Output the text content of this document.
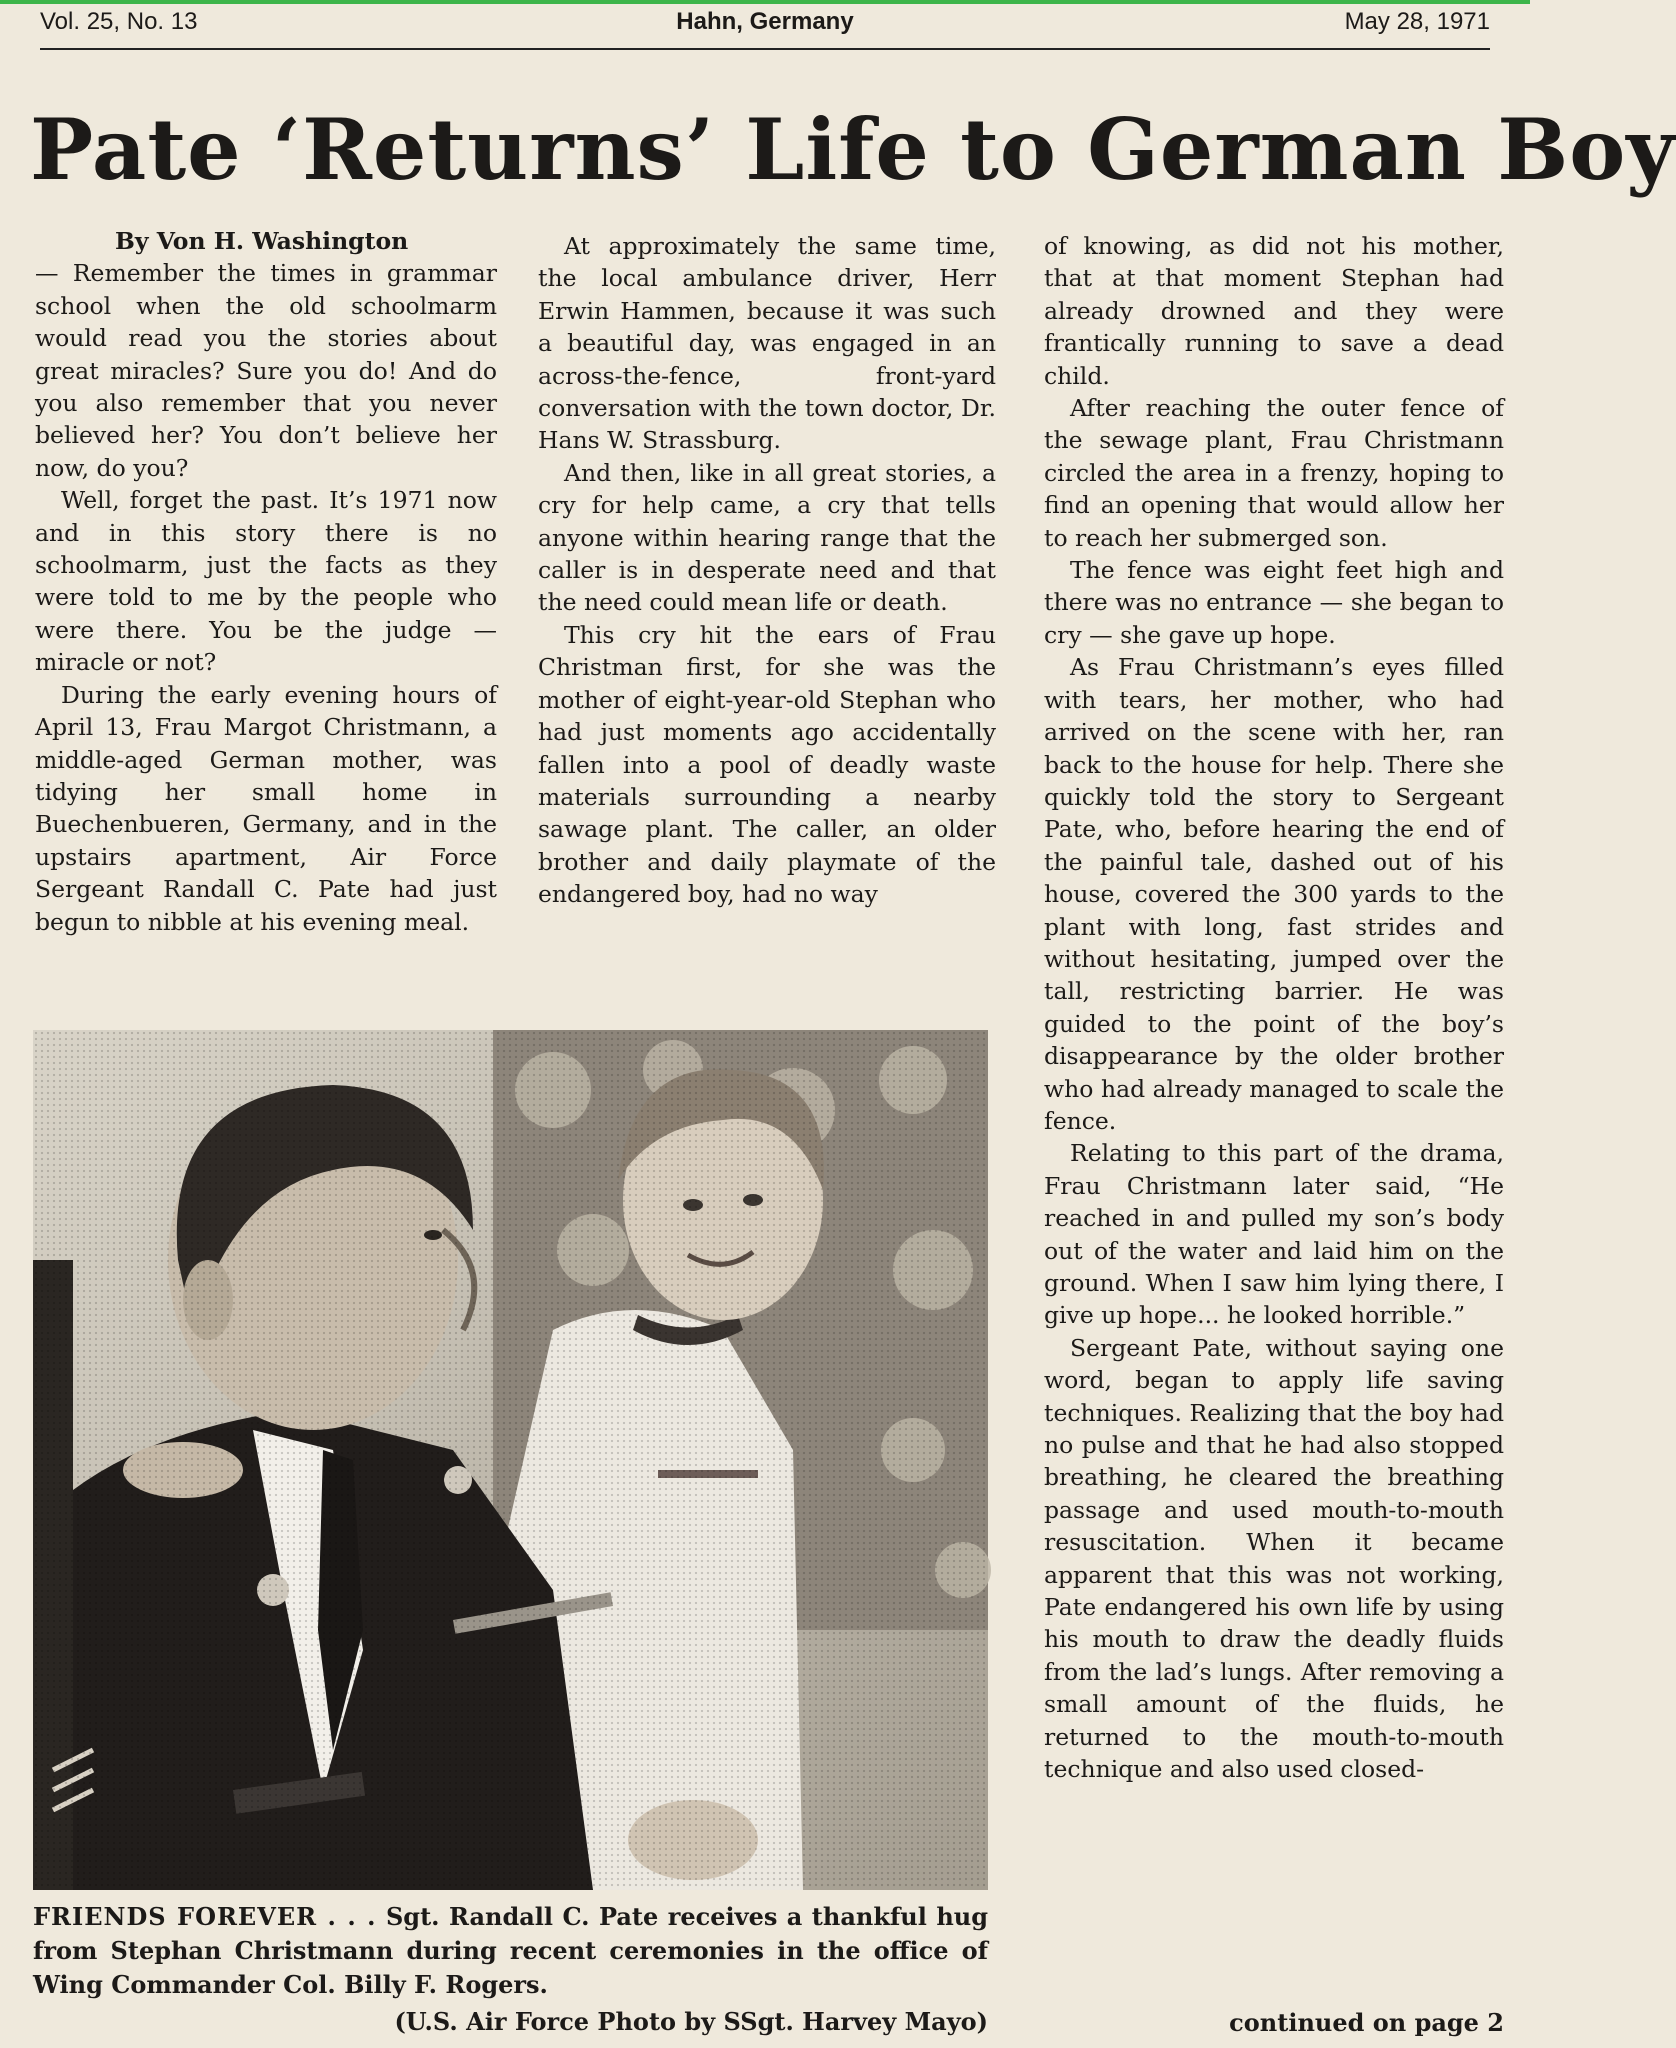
Vol. 25, No. 13	Hahn, Germany	May 28, 1971
Pate ‘Returns’ Life to German Boy
By Von H. Washington

— Remember the times in grammar school when the old schoolmarm would read you the stories about great miracles? Sure you do! And do you also remember that you never believed her? You don’t believe her now, do you?

Well, forget the past. It’s 1971 now and in this story there is no schoolmarm, just the facts as they were told to me by the people who were there. You be the judge — miracle or not?

During the early evening hours of April 13, Frau Margot Christmann, a middle-aged German mother, was tidying her small home in Buechenbueren, Germany, and in the upstairs apartment, Air Force Sergeant Randall C. Pate had just begun to nibble at his evening meal.

At approximately the same time, the local ambulance driver, Herr Erwin Hammen, because it was such a beautiful day, was engaged in an across-the-fence, front-yard conversation with the town doctor, Dr. Hans W. Strassburg.

And then, like in all great stories, a cry for help came, a cry that tells anyone within hearing range that the caller is in desperate need and that the need could mean life or death.

This cry hit the ears of Frau Christman first, for she was the mother of eight-year-old Stephan who had just moments ago accidentally fallen into a pool of deadly waste materials surrounding a nearby sawage plant. The caller, an older brother and daily playmate of the endangered boy, had no way

of knowing, as did not his mother, that at that moment Stephan had already drowned and they were frantically running to save a dead child.

After reaching the outer fence of the sewage plant, Frau Christmann circled the area in a frenzy, hoping to find an opening that would allow her to reach her submerged son.

The fence was eight feet high and there was no entrance — she began to cry — she gave up hope.

As Frau Christmann’s eyes filled with tears, her mother, who had arrived on the scene with her, ran back to the house for help. There she quickly told the story to Sergeant Pate, who, before hearing the end of the painful tale, dashed out of his house, covered the 300 yards to the plant with long, fast strides and without hesitating, jumped over the tall, restricting barrier. He was guided to the point of the boy’s disappearance by the older brother who had already managed to scale the fence.

Relating to this part of the drama, Frau Christmann later said, “He reached in and pulled my son’s body out of the water and laid him on the ground. When I saw him lying there, I give up hope... he looked horrible.”

Sergeant Pate, without saying one word, began to apply life saving techniques. Realizing that the boy had no pulse and that he had also stopped breathing, he cleared the breathing passage and used mouth-to-mouth resuscitation. When it became apparent that this was not working, Pate endangered his own life by using his mouth to draw the deadly fluids from the lad’s lungs. After removing a small amount of the fluids, he returned to the mouth-to-mouth technique and also used closed-

FRIENDS FOREVER . . . Sgt. Randall C. Pate receives a thankful hug from Stephan Christmann during recent ceremonies in the office of Wing Commander Col. Billy F. Rogers.
(U.S. Air Force Photo by SSgt. Harvey Mayo)	continued on page 2
